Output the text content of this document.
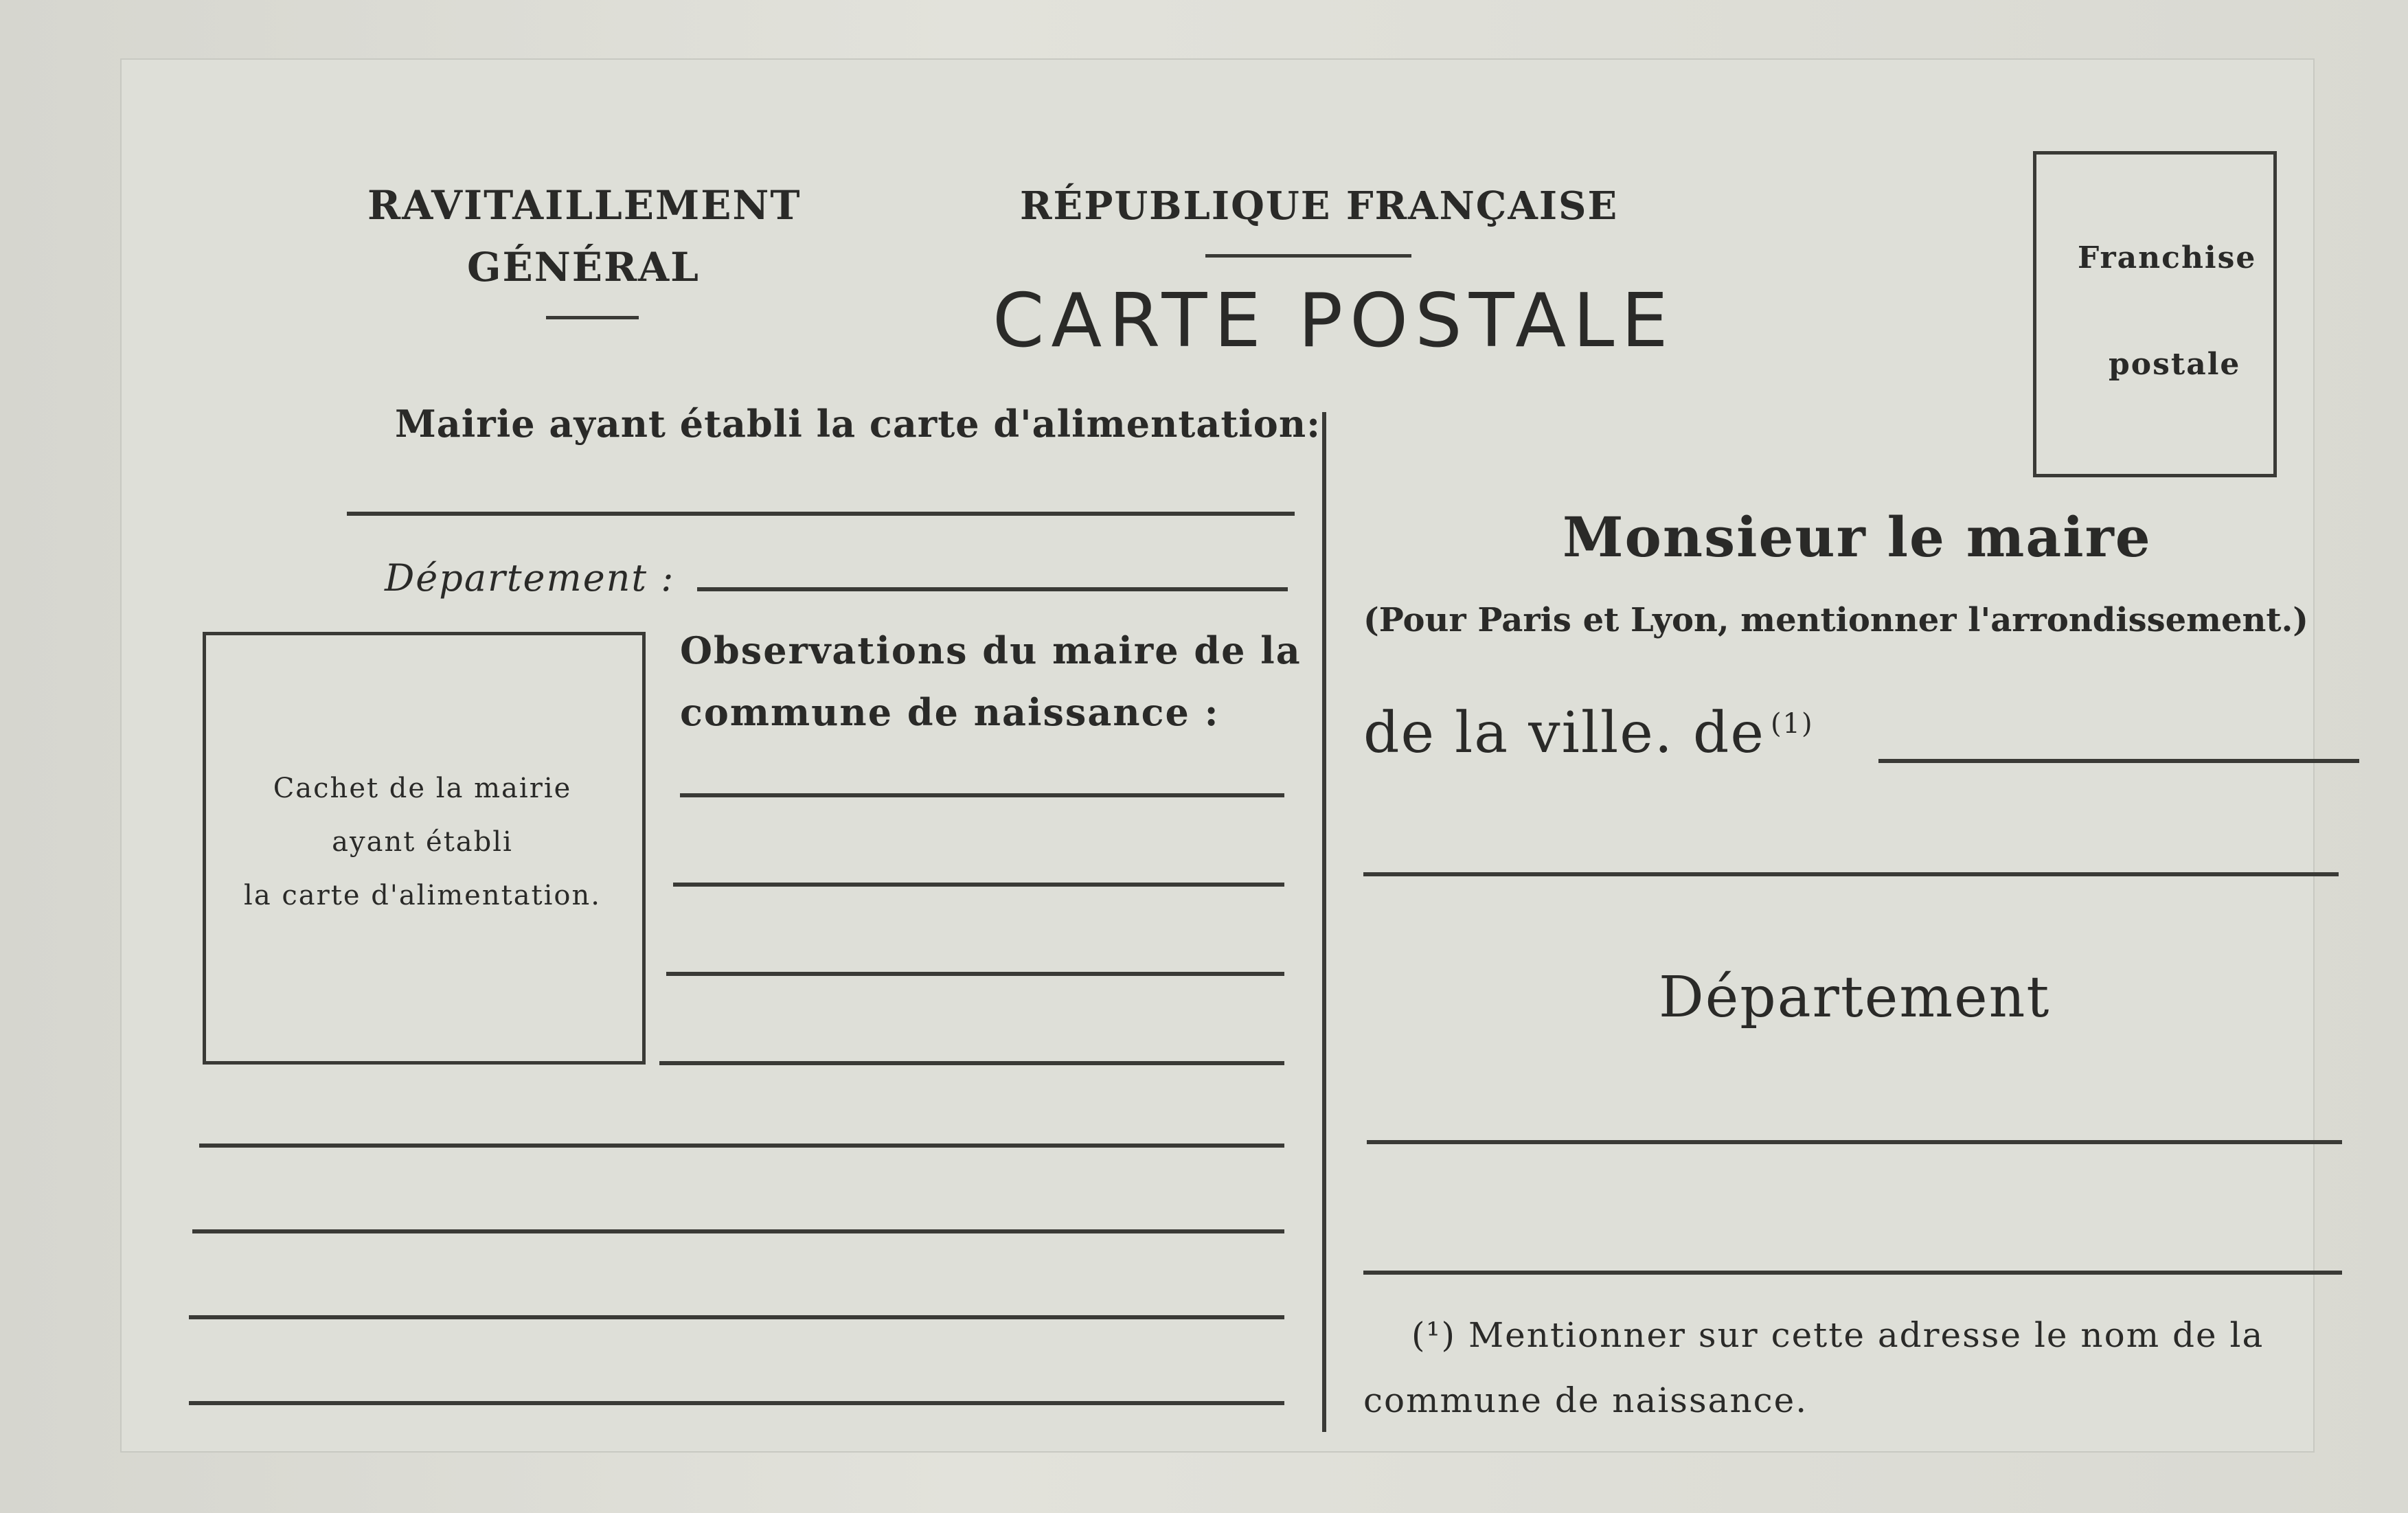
RAVITAILLEMENT
GÉNÉRAL
RÉPUBLIQUE FRANÇAISE
CARTE POSTALE
Franchise
postale
Mairie ayant établi la carte d'alimentation:
Département :
Cachet de la mairie
ayant établi
la carte d'alimentation.
Observations du maire de la
commune de naissance :
Monsieur le maire
(Pour Paris et Lyon, mentionner l'arrondissement.)
de la ville. de $^{(1)}$
Département
(¹) Mentionner sur cette adresse le nom de la
commune de naissance.
